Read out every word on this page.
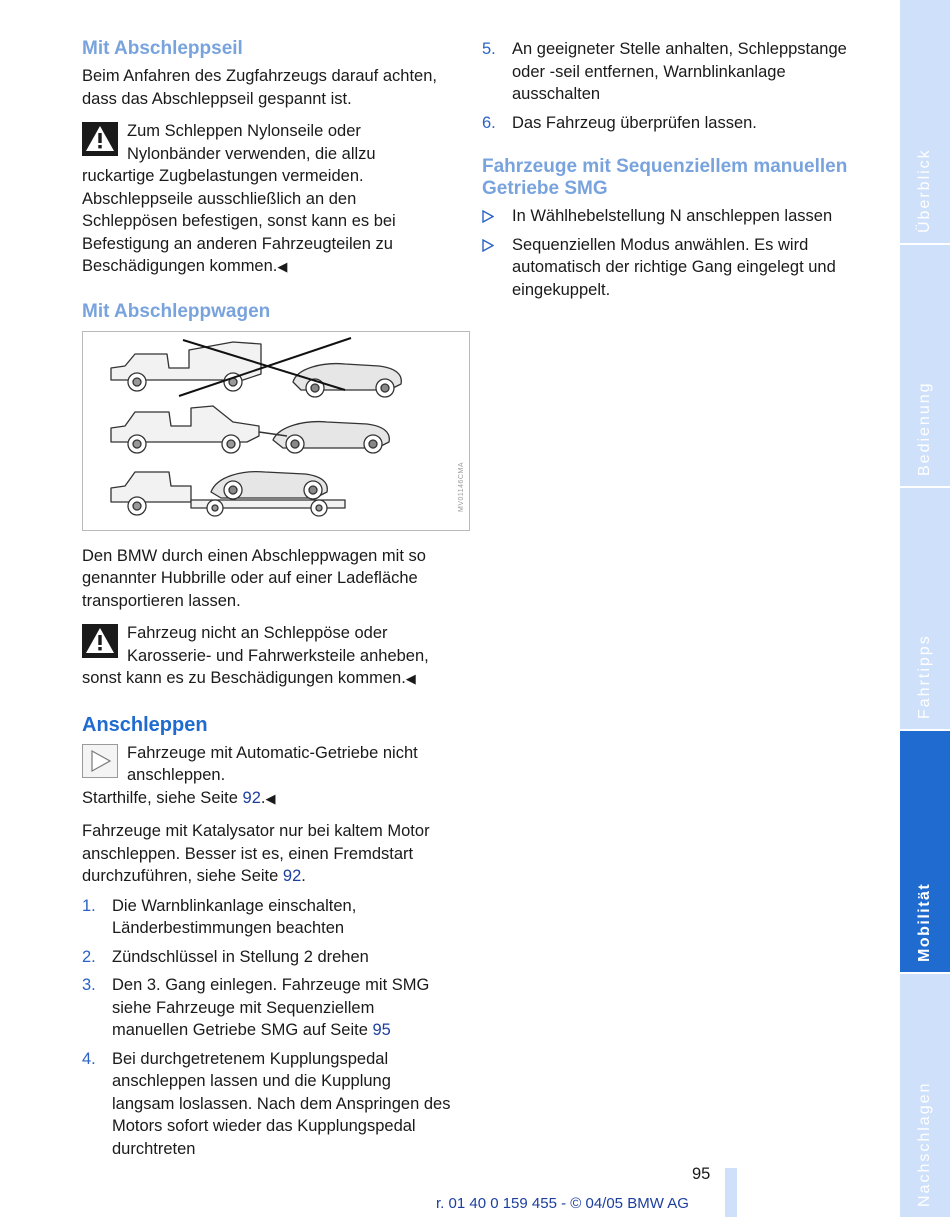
Mit Abschleppseil

Beim Anfahren des Zugfahrzeugs darauf achten, dass das Abschleppseil gespannt ist.

Zum Schleppen Nylonseile oder Nylonbänder verwenden, die allzu ruckartige Zugbelastungen vermeiden. Abschleppseile ausschließlich an den Schleppösen befestigen, sonst kann es bei Befestigung an anderen Fahrzeugteilen zu Beschädigungen kommen.◀

Mit Abschleppwagen
MV01146CMA

Den BMW durch einen Abschleppwagen mit so genannter Hubbrille oder auf einer Ladefläche transportieren lassen.

Fahrzeug nicht an Schleppöse oder Karosserie- und Fahrwerksteile anheben, sonst kann es zu Beschädigungen kommen.◀

Anschleppen

Fahrzeuge mit Automatic-Getriebe nicht anschleppen.

Starthilfe, siehe Seite 92.◀

Fahrzeuge mit Katalysator nur bei kaltem Motor anschleppen. Besser ist es, einen Fremdstart durchzuführen, siehe Seite 92.

1. Die Warnblinkanlage einschalten, Länderbestimmungen beachten
2. Zündschlüssel in Stellung 2 drehen
3. Den 3. Gang einlegen. Fahrzeuge mit SMG siehe Fahrzeuge mit Sequenziellem manuellen Getriebe SMG auf Seite 95
4. Bei durchgetretenem Kupplungspedal anschleppen lassen und die Kupplung langsam loslassen. Nach dem Anspringen des Motors sofort wieder das Kupplungspedal durchtreten
5. An geeigneter Stelle anhalten, Schleppstange oder -seil entfernen, Warnblinkanlage ausschalten
6. Das Fahrzeug überprüfen lassen.
Fahrzeuge mit Sequenziellem manuellen Getriebe SMG
In Wählhebelstellung N anschleppen lassen
Sequenziellen Modus anwählen. Es wird automatisch der richtige Gang eingelegt und eingekuppelt.
Überblick
Bedienung
Fahrtipps
Mobilität
Nachschlagen
95
r. 01 40 0 159 455 - © 04/05 BMW AG
